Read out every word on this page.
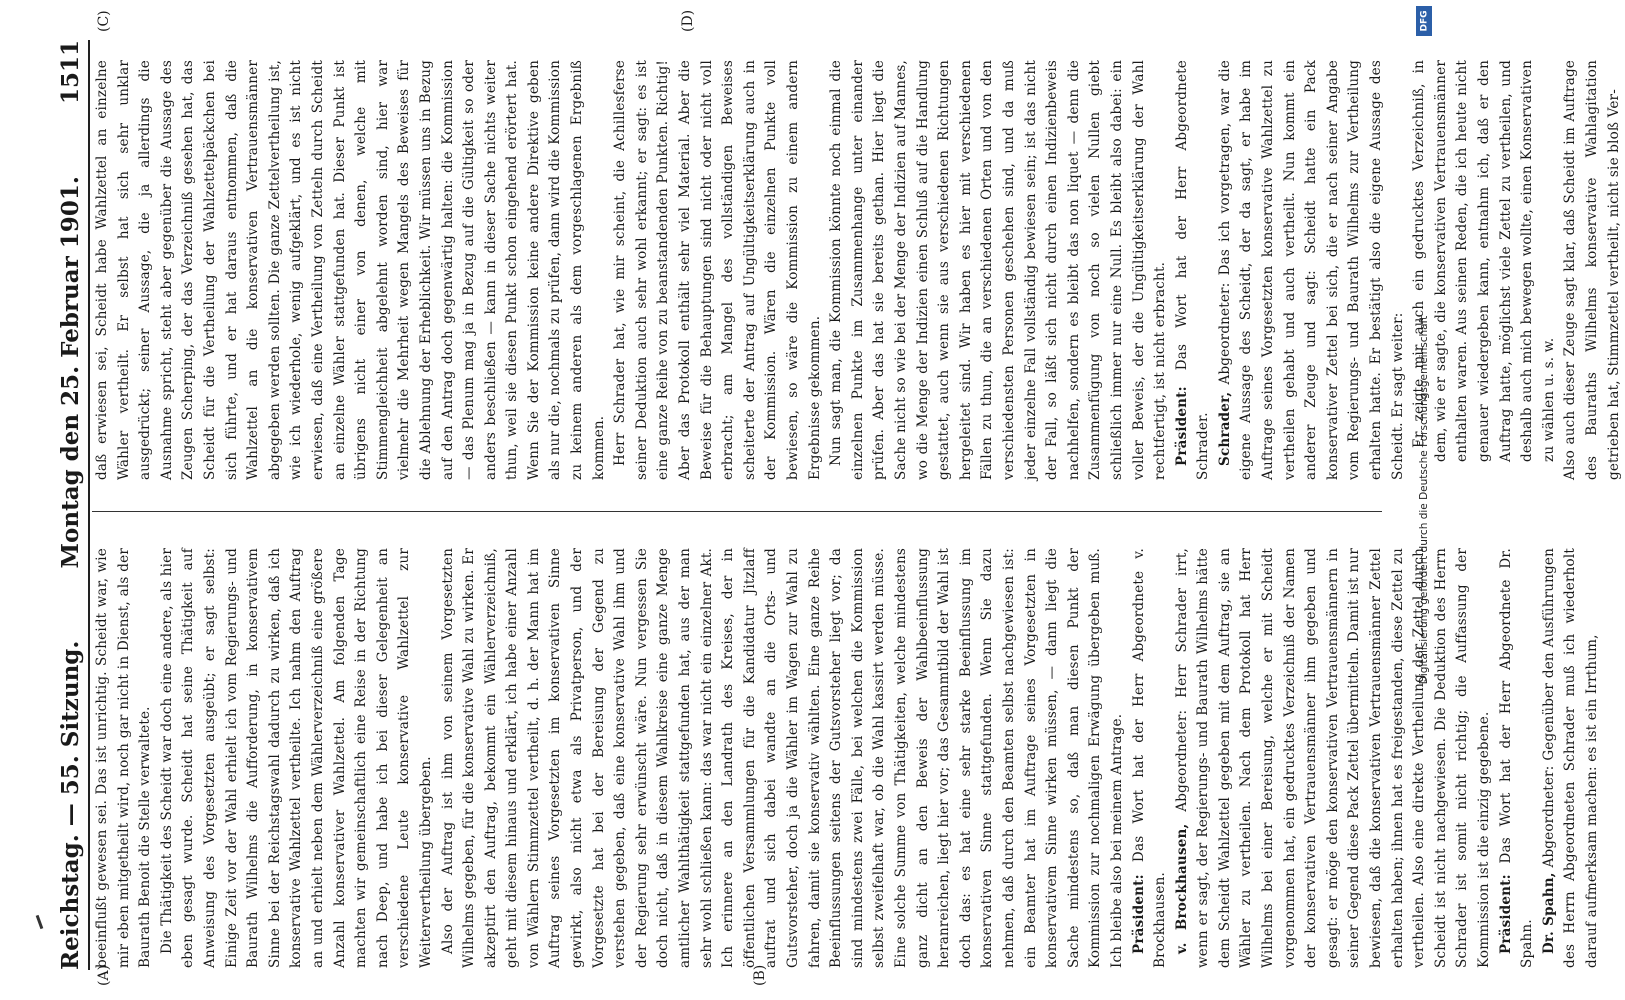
Reichstag. — 55. Sitzung.
Montag den 25. Februar 1901.
1511
(A)	(B)
(C)	(D)

beeinflußt gewesen sei. Das ist unrichtig. Scheidt war, wie mir eben mitgetheilt wird, noch gar nicht in Dienst, als der Baurath Benoit die Stelle verwaltete. Die Thätigkeit des Scheidt war doch eine andere, als hier eben gesagt wurde. Scheidt hat seine Thätigkeit auf Anweisung des Vorgesetzten ausgeübt; er sagt selbst: Einige Zeit vor der Wahl erhielt ich vom Regierungs- und Baurath Wilhelms die Aufforderung, in konservativem Sinne bei der Reichstagswahl dadurch zu wirken, daß ich konservative Wahlzettel vertheilte. Ich nahm den Auftrag an und erhielt neben dem Wählerverzeichniß eine größere Anzahl konservativer Wahlzettel. Am folgenden Tage machten wir gemeinschaftlich eine Reise in der Richtung nach Deep, und habe ich bei dieser Gelegenheit an verschiedene Leute konservative Wahlzettel zur Weitervertheilung übergeben. Also der Auftrag ist ihm von seinem Vorgesetzten Wilhelms gegeben, für die konservative Wahl zu wirken. Er akzeptirt den Auftrag, bekommt ein Wählerverzeichniß, geht mit diesem hinaus und erklärt, ich habe einer Anzahl von Wählern Stimmzettel vertheilt, d. h. der Mann hat im Auftrag seines Vorgesetzten im konservativen Sinne gewirkt, also nicht etwa als Privatperson, und der Vorgesetzte hat bei der Bereisung der Gegend zu verstehen gegeben, daß eine konservative Wahl ihm und der Regierung sehr erwünscht wäre. Nun vergessen Sie doch nicht, daß in diesem Wahlkreise eine ganze Menge amtlicher Wahlthätigkeit stattgefunden hat, aus der man sehr wohl schließen kann: das war nicht ein einzelner Akt. Ich erinnere an den Landrath des Kreises, der in öffentlichen Versammlungen für die Kandidatur Jitzlaff auftrat und sich dabei wandte an die Orts- und Gutsvorsteher, doch ja die Wähler im Wagen zur Wahl zu fahren, damit sie konservativ wählten. Eine ganze Reihe Beeinflussungen seitens der Gutsvorsteher liegt vor; da sind mindestens zwei Fälle, bei welchen die Kommission selbst zweifelhaft war, ob die Wahl kassirt werden müsse. Eine solche Summe von Thätigkeiten, welche mindestens ganz dicht an den Beweis der Wahlbeeinflussung heranreichen, liegt hier vor; das Gesammtbild der Wahl ist doch das: es hat eine sehr starke Beeinflussung im konservativen Sinne stattgefunden. Wenn Sie dazu nehmen, daß durch den Beamten selbst nachgewiesen ist: ein Beamter hat im Auftrage seines Vorgesetzten in konservativem Sinne wirken müssen, — dann liegt die Sache mindestens so, daß man diesen Punkt der Kommission zur nochmaligen Erwägung übergeben muß. Ich bleibe also bei meinem Antrage. Präsident: Das Wort hat der Herr Abgeordnete v. Brockhausen. v. Brockhausen, Abgeordneter: Herr Schrader irrt, wenn er sagt, der Regierungs- und Baurath Wilhelms hätte dem Scheidt Wahlzettel gegeben mit dem Auftrag, sie an Wähler zu vertheilen. Nach dem Protokoll hat Herr Wilhelms bei einer Bereisung, welche er mit Scheidt vorgenommen hat, ein gedrucktes Verzeichniß der Namen der konservativen Vertrauensmänner ihm gegeben und gesagt: er möge den konservativen Vertrauensmännern in seiner Gegend diese Pack Zettel übermitteln. Damit ist nur bewiesen, daß die konservativen Vertrauensmänner Zettel erhalten haben; ihnen hat es freigestanden, diese Zettel zu vertheilen. Also eine direkte Vertheilung der Zettel durch Scheidt ist nicht nachgewiesen. Die Deduktion des Herrn Schrader ist somit nicht richtig; die Auffassung der Kommission ist die einzig gegebene. Präsident: Das Wort hat der Herr Abgeordnete Dr. Spahn. Dr. Spahn, Abgeordneter: Gegenüber den Ausführungen des Herrn Abgeordneten Schrader muß ich wiederholt darauf aufmerksam machen: es ist ein Irrthum,

daß erwiesen sei, Scheidt habe Wahlzettel an einzelne Wähler vertheilt. Er selbst hat sich sehr unklar ausgedrückt; seiner Aussage, die ja allerdings die Ausnahme spricht, steht aber gegenüber die Aussage des Zeugen Scherping, der das Verzeichniß gesehen hat, das Scheidt für die Vertheilung der Wahlzettelpäckchen bei sich führte, und er hat daraus entnommen, daß die Wahlzettel an die konservativen Vertrauensmänner abgegeben werden sollten. Die ganze Zettelvertheilung ist, wie ich wiederhole, wenig aufgeklärt, und es ist nicht erwiesen, daß eine Vertheilung von Zetteln durch Scheidt an einzelne Wähler stattgefunden hat. Dieser Punkt ist übrigens nicht einer von denen, welche mit Stimmengleichheit abgelehnt worden sind, hier war vielmehr die Mehrheit wegen Mangels des Beweises für die Ablehnung der Erheblichkeit. Wir müssen uns in Bezug auf den Antrag doch gegenwärtig halten: die Kommission — das Plenum mag ja in Bezug auf die Gültigkeit so oder anders beschließen — kann in dieser Sache nichts weiter thun, weil sie diesen Punkt schon eingehend erörtert hat. Wenn Sie der Kommission keine andere Direktive geben als nur die, nochmals zu prüfen, dann wird die Kommission zu keinem anderen als dem vorgeschlagenen Ergebniß kommen. Herr Schrader hat, wie mir scheint, die Achillesferse seiner Deduktion auch sehr wohl erkannt; er sagt: es ist eine ganze Reihe von zu beanstandenden Punkten. Richtig! Aber das Protokoll enthält sehr viel Material. Aber die Beweise für die Behauptungen sind nicht oder nicht voll erbracht; am Mangel des vollständigen Beweises scheiterte der Antrag auf Ungültigkeitserklärung auch in der Kommission. Wären die einzelnen Punkte voll bewiesen, so wäre die Kommission zu einem andern Ergebnisse gekommen. Nun sagt man, die Kommission könnte noch einmal die einzelnen Punkte im Zusammenhange unter einander prüfen. Aber das hat sie bereits gethan. Hier liegt die Sache nicht so wie bei der Menge der Indizien auf Mannes, wo die Menge der Indizien einen Schluß auf die Handlung gestattet, auch wenn sie aus verschiedenen Richtungen hergeleitet sind. Wir haben es hier mit verschiedenen Fällen zu thun, die an verschiedenen Orten und von den verschiedensten Personen geschehen sind, und da muß jeder einzelne Fall vollständig bewiesen sein; ist das nicht der Fall, so läßt sich nicht durch einen Indizienbeweis nachhelfen, sondern es bleibt das non liquet — denn die Zusammenfügung von noch so vielen Nullen giebt schließlich immer nur eine Null. Es bleibt also dabei: ein voller Beweis, der die Ungültigkeitserklärung der Wahl rechtfertigt, ist nicht erbracht. Präsident: Das Wort hat der Herr Abgeordnete Schrader. Schrader, Abgeordneter: Das ich vorgetragen, war die eigene Aussage des Scheidt, der da sagt, er habe im Auftrage seines Vorgesetzten konservative Wahlzettel zu vertheilen gehabt und auch vertheilt. Nun kommt ein anderer Zeuge und sagt: Scheidt hatte ein Pack konservativer Zettel bei sich, die er nach seiner Angabe vom Regierungs- und Baurath Wilhelms zur Vertheilung erhalten hatte. Er bestätigt also die eigene Aussage des Scheidt. Er sagt weiter: Er zeigte mir auch ein gedrucktes Verzeichniß, in dem, wie er sagte, die konservativen Vertrauensmänner enthalten waren. Aus seinen Reden, die ich heute nicht genauer wiedergeben kann, entnahm ich, daß er den Auftrag hatte, möglichst viele Zettel zu vertheilen, und deshalb auch mich bewegen wollte, einen Konservativen zu wählen u. s. w. Also auch dieser Zeuge sagt klar, daß Scheidt im Auftrage des Bauraths Wilhelms konservative Wahlagitation getrieben hat, Stimmzettel vertheilt, nicht sie bloß Ver-

Digitalisierung gefördert durch die Deutsche Forschungsgemeinschaft
DFG
